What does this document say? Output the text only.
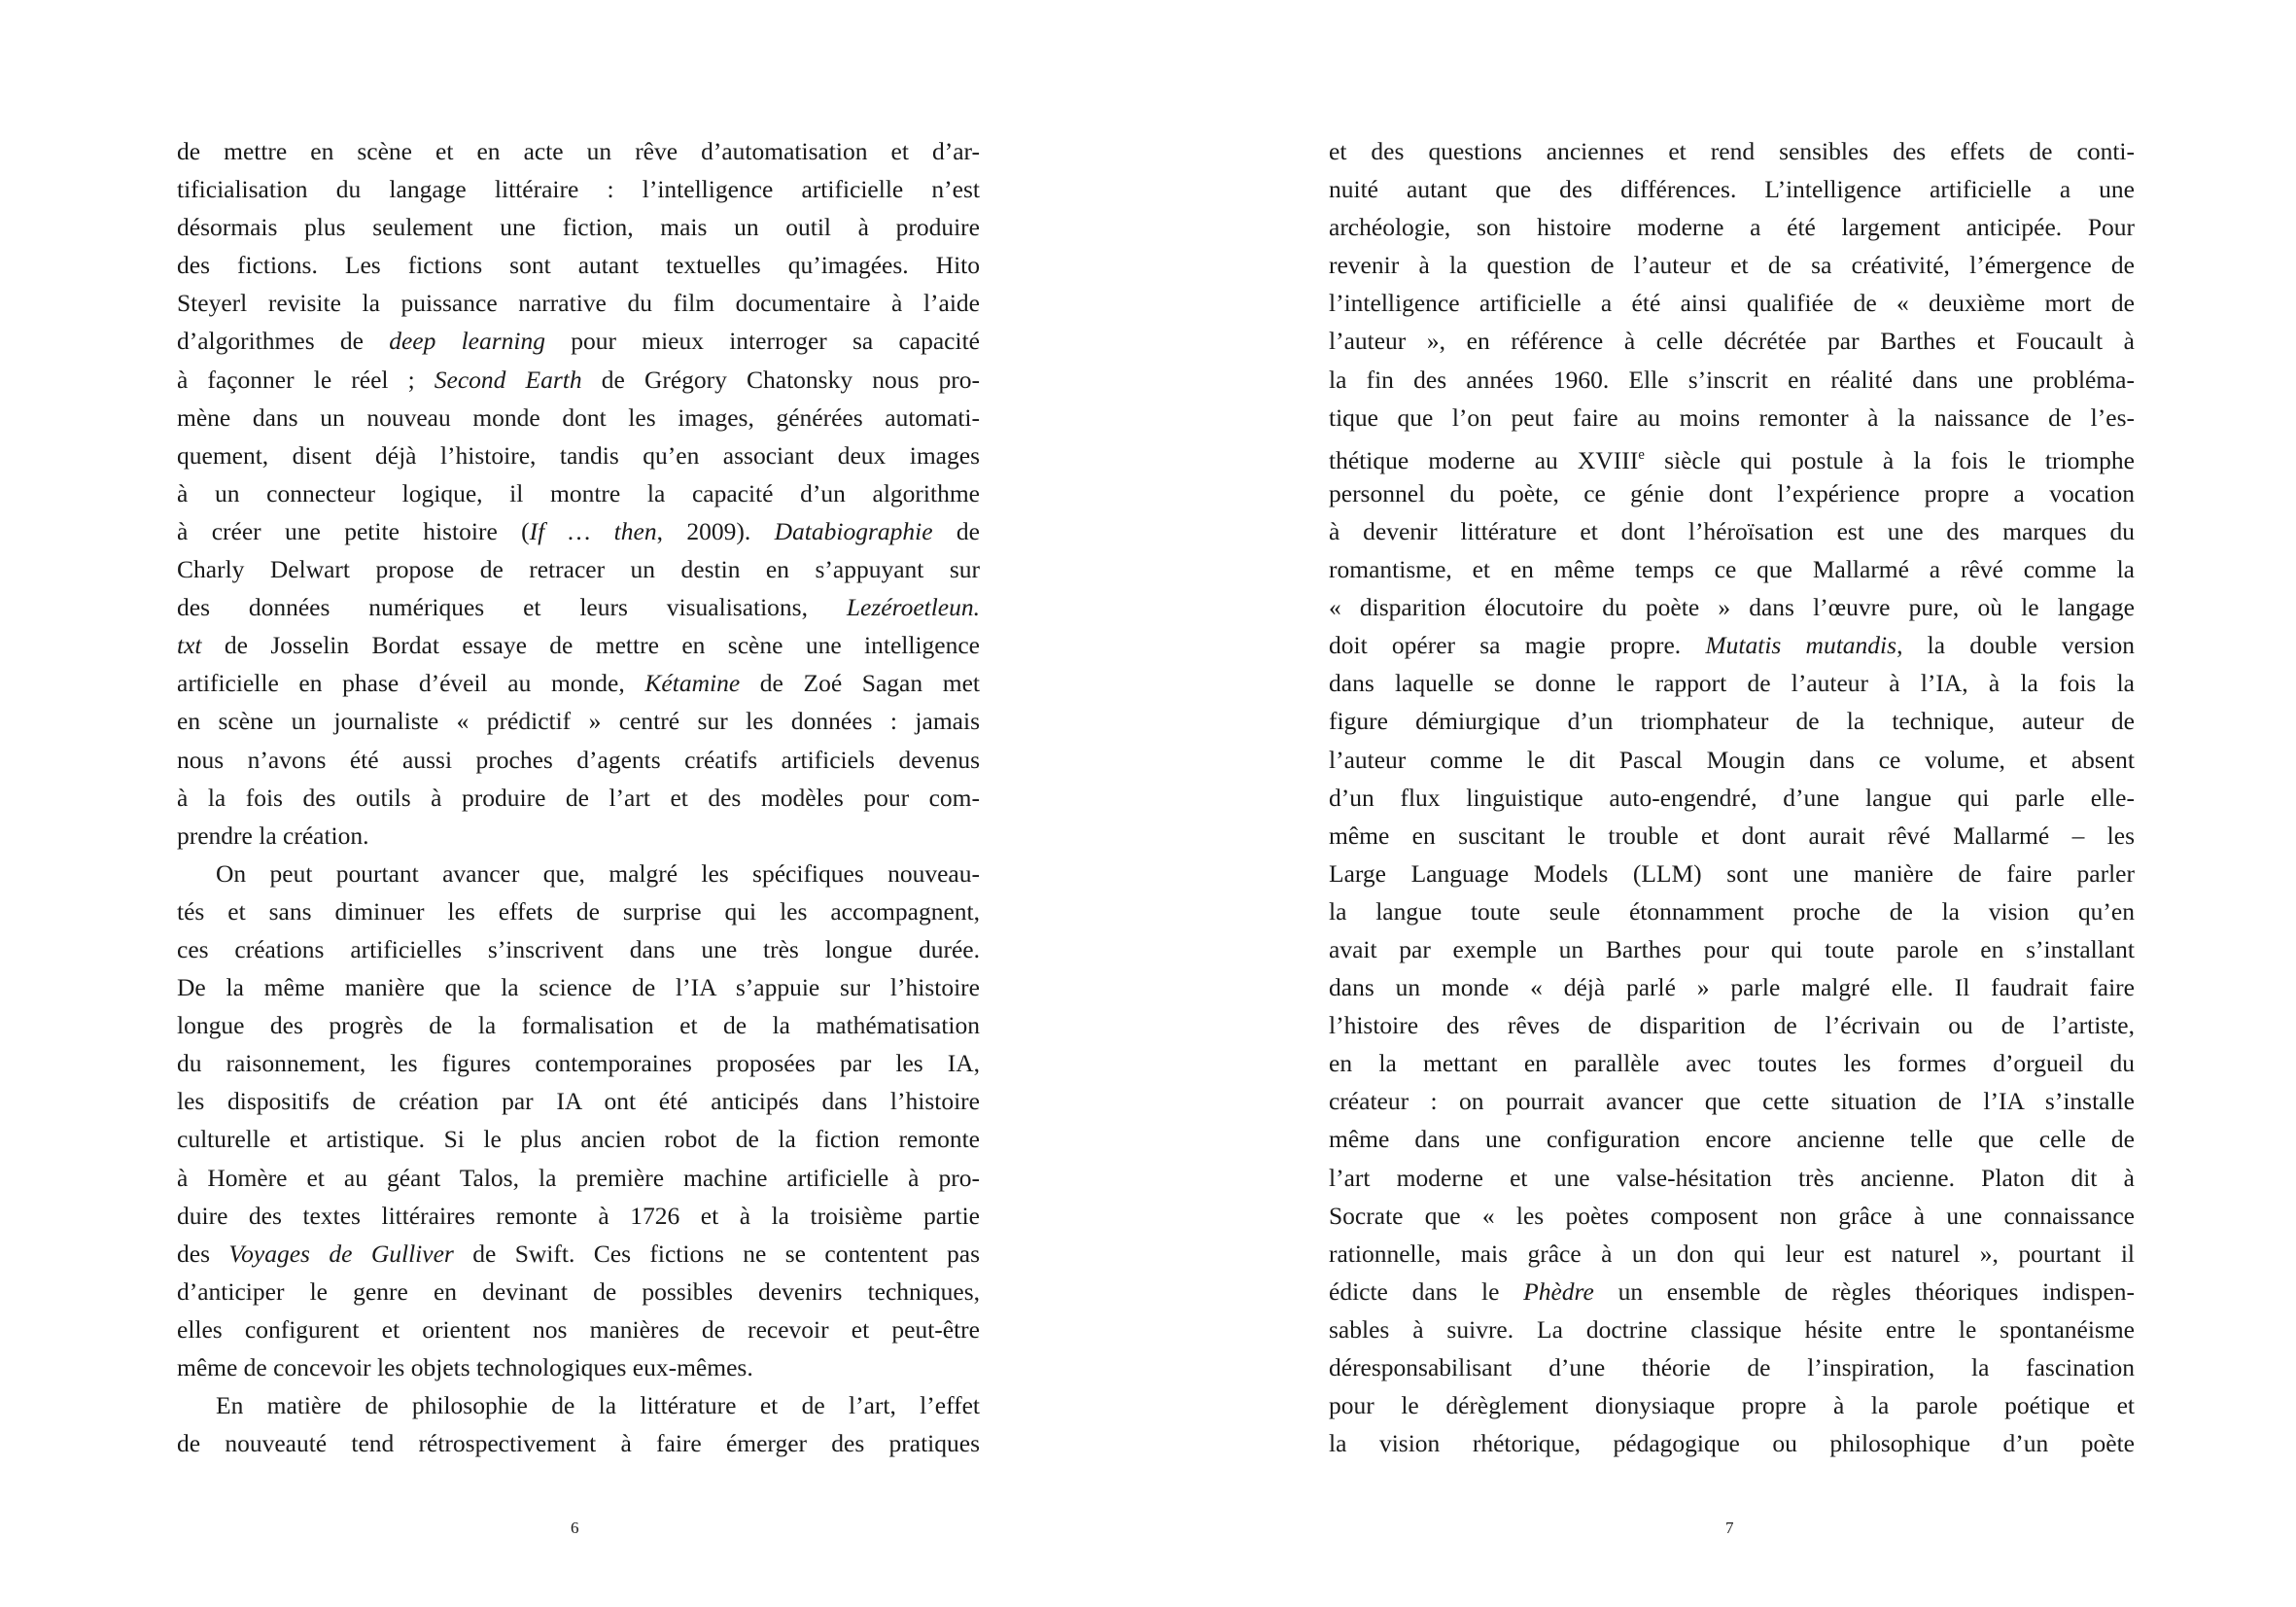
de mettre en scène et en acte un rêve d’automatisation et d’ar-
tificialisation du langage littéraire : l’intelligence artificielle n’est
désormais plus seulement une fiction, mais un outil à produire
des fictions. Les fictions sont autant textuelles qu’imagées. Hito
Steyerl revisite la puissance narrative du film documentaire à l’aide
d’algorithmes de deep learning pour mieux interroger sa capacité
à façonner le réel ; Second Earth de Grégory Chatonsky nous pro-
mène dans un nouveau monde dont les images, générées automati-
quement, disent déjà l’histoire, tandis qu’en associant deux images
à un connecteur logique, il montre la capacité d’un algorithme
à créer une petite histoire (If … then, 2009). Databiographie de
Charly Delwart propose de retracer un destin en s’appuyant sur
des données numériques et leurs visualisations, Lezéroetleun.
txt de Josselin Bordat essaye de mettre en scène une intelligence
artificielle en phase d’éveil au monde, Kétamine de Zoé Sagan met
en scène un journaliste « prédictif » centré sur les données : jamais
nous n’avons été aussi proches d’agents créatifs artificiels devenus
à la fois des outils à produire de l’art et des modèles pour com-
prendre la création.
On peut pourtant avancer que, malgré les spécifiques nouveau-
tés et sans diminuer les effets de surprise qui les accompagnent,
ces créations artificielles s’inscrivent dans une très longue durée.
De la même manière que la science de l’IA s’appuie sur l’histoire
longue des progrès de la formalisation et de la mathématisation
du raisonnement, les figures contemporaines proposées par les IA,
les dispositifs de création par IA ont été anticipés dans l’histoire
culturelle et artistique. Si le plus ancien robot de la fiction remonte
à Homère et au géant Talos, la première machine artificielle à pro-
duire des textes littéraires remonte à 1726 et à la troisième partie
des Voyages de Gulliver de Swift. Ces fictions ne se contentent pas
d’anticiper le genre en devinant de possibles devenirs techniques,
elles configurent et orientent nos manières de recevoir et peut-être
même de concevoir les objets technologiques eux-mêmes.
En matière de philosophie de la littérature et de l’art, l’effet
de nouveauté tend rétrospectivement à faire émerger des pratiques
et des questions anciennes et rend sensibles des effets de conti-
nuité autant que des différences. L’intelligence artificielle a une
archéologie, son histoire moderne a été largement anticipée. Pour
revenir à la question de l’auteur et de sa créativité, l’émergence de
l’intelligence artificielle a été ainsi qualifiée de « deuxième mort de
l’auteur », en référence à celle décrétée par Barthes et Foucault à
la fin des années 1960. Elle s’inscrit en réalité dans une probléma-
tique que l’on peut faire au moins remonter à la naissance de l’es-
thétique moderne au XVIIIe siècle qui postule à la fois le triomphe
personnel du poète, ce génie dont l’expérience propre a vocation
à devenir littérature et dont l’héroïsation est une des marques du
romantisme, et en même temps ce que Mallarmé a rêvé comme la
« disparition élocutoire du poète » dans l’œuvre pure, où le langage
doit opérer sa magie propre. Mutatis mutandis, la double version
dans laquelle se donne le rapport de l’auteur à l’IA, à la fois la
figure démiurgique d’un triomphateur de la technique, auteur de
l’auteur comme le dit Pascal Mougin dans ce volume, et absent
d’un flux linguistique auto-engendré, d’une langue qui parle elle-
même en suscitant le trouble et dont aurait rêvé Mallarmé – les
Large Language Models (LLM) sont une manière de faire parler
la langue toute seule étonnamment proche de la vision qu’en
avait par exemple un Barthes pour qui toute parole en s’installant
dans un monde « déjà parlé » parle malgré elle. Il faudrait faire
l’histoire des rêves de disparition de l’écrivain ou de l’artiste,
en la mettant en parallèle avec toutes les formes d’orgueil du
créateur : on pourrait avancer que cette situation de l’IA s’installe
même dans une configuration encore ancienne telle que celle de
l’art moderne et une valse-hésitation très ancienne. Platon dit à
Socrate que « les poètes composent non grâce à une connaissance
rationnelle, mais grâce à un don qui leur est naturel », pourtant il
édicte dans le Phèdre un ensemble de règles théoriques indispen-
sables à suivre. La doctrine classique hésite entre le spontanéisme
déresponsabilisant d’une théorie de l’inspiration, la fascination
pour le dérèglement dionysiaque propre à la parole poétique et
la vision rhétorique, pédagogique ou philosophique d’un poète
6	7
